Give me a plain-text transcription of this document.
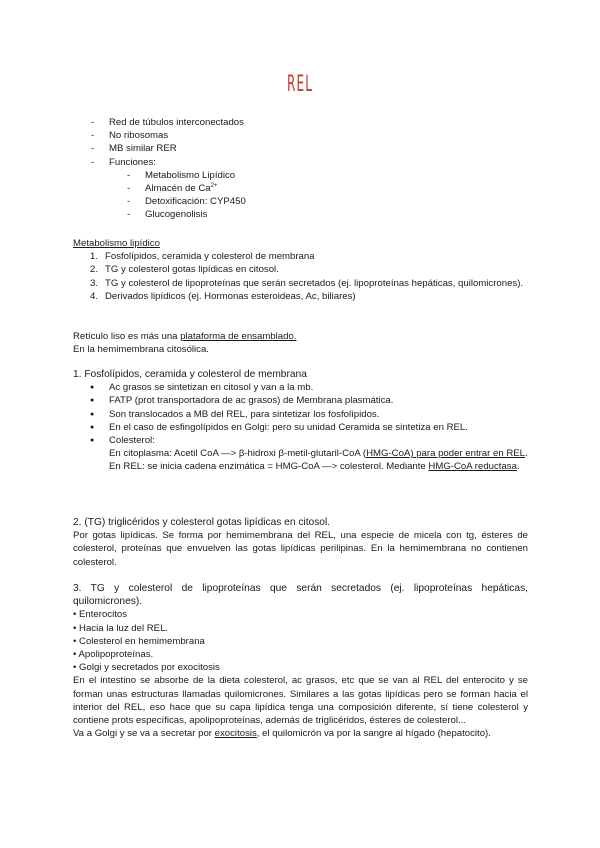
REL
- Red de túbulos interconectados
- No ribosomas
- MB similar RER
- Funciones:
- Metabolismo Lipídico
- Almacén de $Ca^{2+}$
- Detoxificación: CYP450
- Glucogenolisis
Metabolismo lipídico
1. Fosfolípidos, ceramida y colesterol de membrana
2. TG y colesterol gotas lipídicas en citosol.
3. TG y colesterol de lipoproteínas que serán secretados (ej. lipoproteínas hepáticas, quilomicrones).
4. Derivados lipídicos (ej. Hormonas esteroideas, Ac, biliares)
Retículo liso es más una plataforma de ensamblado.
En la hemimembrana citosólica.
1. Fosfolípidos, ceramida y colesterol de membrana
● Ac grasos se sintetizan en citosol y van a la mb.
● FATP (prot transportadora de ac grasos) de Membrana plasmática.
● Son translocados a MB del REL, para sintetizar los fosfolípidos.
● En el caso de esfingolípidos en Golgi: pero su unidad Ceramida se sintetiza en REL.
● Colesterol:
En citoplasma: Acetil CoA —> β-hidroxi β-metil-glutaril-CoA (HMG-CoA) para poder entrar en REL.
En REL: se inicia cadena enzimática = HMG-CoA —> colesterol. Mediante HMG-CoA reductasa.
2. (TG) triglicéridos y colesterol gotas lipídicas en citosol.
Por gotas lipídicas. Se forma por hemimembrana del REL, una especie de micela con tg, ésteres de colesterol, proteínas que envuelven las gotas lipídicas perilipinas. En la hemimembrana no contienen colesterol.
3. TG y colesterol de lipoproteínas que serán secretados (ej. lipoproteínas hepáticas, quilomicrones).
• Enterocitos
• Hacia la luz del REL.
• Colesterol en hemimembrana
• Apolipoproteínas.
• Golgi y secretados por exocitosis
En el intestino se absorbe de la dieta colesterol, ac grasos, etc que se van al REL del enterocito y se forman unas estructuras llamadas quilomicrones. Similares a las gotas lipídicas pero se forman hacia el interior del REL, eso hace que su capa lipídica tenga una composición diferente, sí tiene colesterol y contiene prots específicas, apolipoproteínas, además de triglicéridos, ésteres de colesterol...
Va a Golgi y se va a secretar por exocitosis, el quilomicrón va por la sangre al hígado (hepatocito).
